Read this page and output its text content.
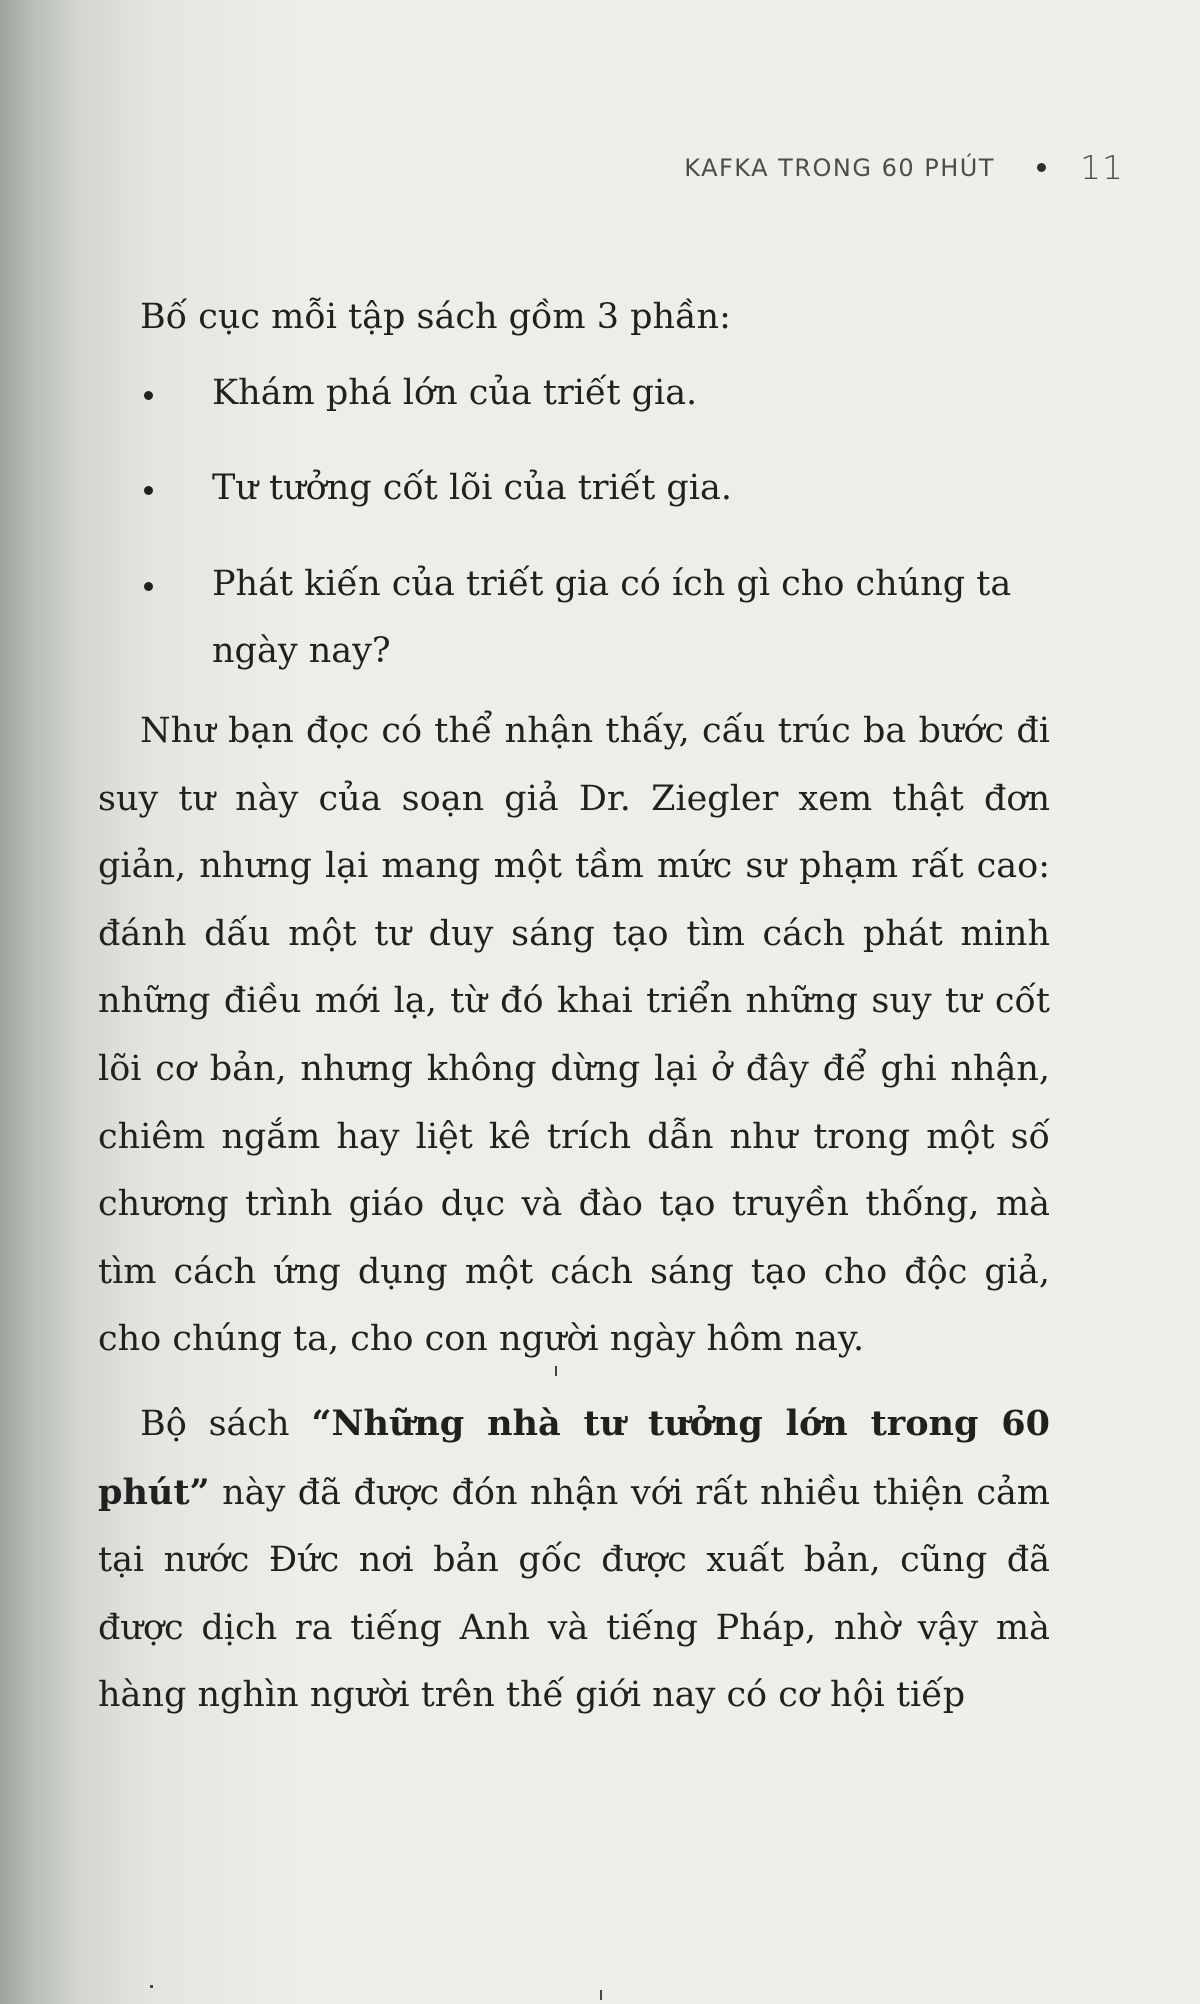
KAFKA TRONG 60 PHÚT	11

Bố cục mỗi tập sách gồm 3 phần:

Khám phá lớn của triết gia.
Tư tưởng cốt lõi của triết gia.
Phát kiến của triết gia có ích gì cho chúng ta ngày nay?

Như bạn đọc có thể nhận thấy, cấu trúc ba bước đi suy tư này của soạn giả Dr. Ziegler xem thật đơn giản, nhưng lại mang một tầm mức sư phạm rất cao: đánh dấu một tư duy sáng tạo tìm cách phát minh những điều mới lạ, từ đó khai triển những suy tư cốt lõi cơ bản, nhưng không dừng lại ở đây để ghi nhận, chiêm ngắm hay liệt kê trích dẫn như trong một số chương trình giáo dục và đào tạo truyền thống, mà tìm cách ứng dụng một cách sáng tạo cho độc giả, cho chúng ta, cho con người ngày hôm nay.

Bộ sách “Những nhà tư tưởng lớn trong 60 phút” này đã được đón nhận với rất nhiều thiện cảm tại nước Đức nơi bản gốc được xuất bản, cũng đã được dịch ra tiếng Anh và tiếng Pháp, nhờ vậy mà hàng nghìn người trên thế giới nay có cơ hội tiếp
